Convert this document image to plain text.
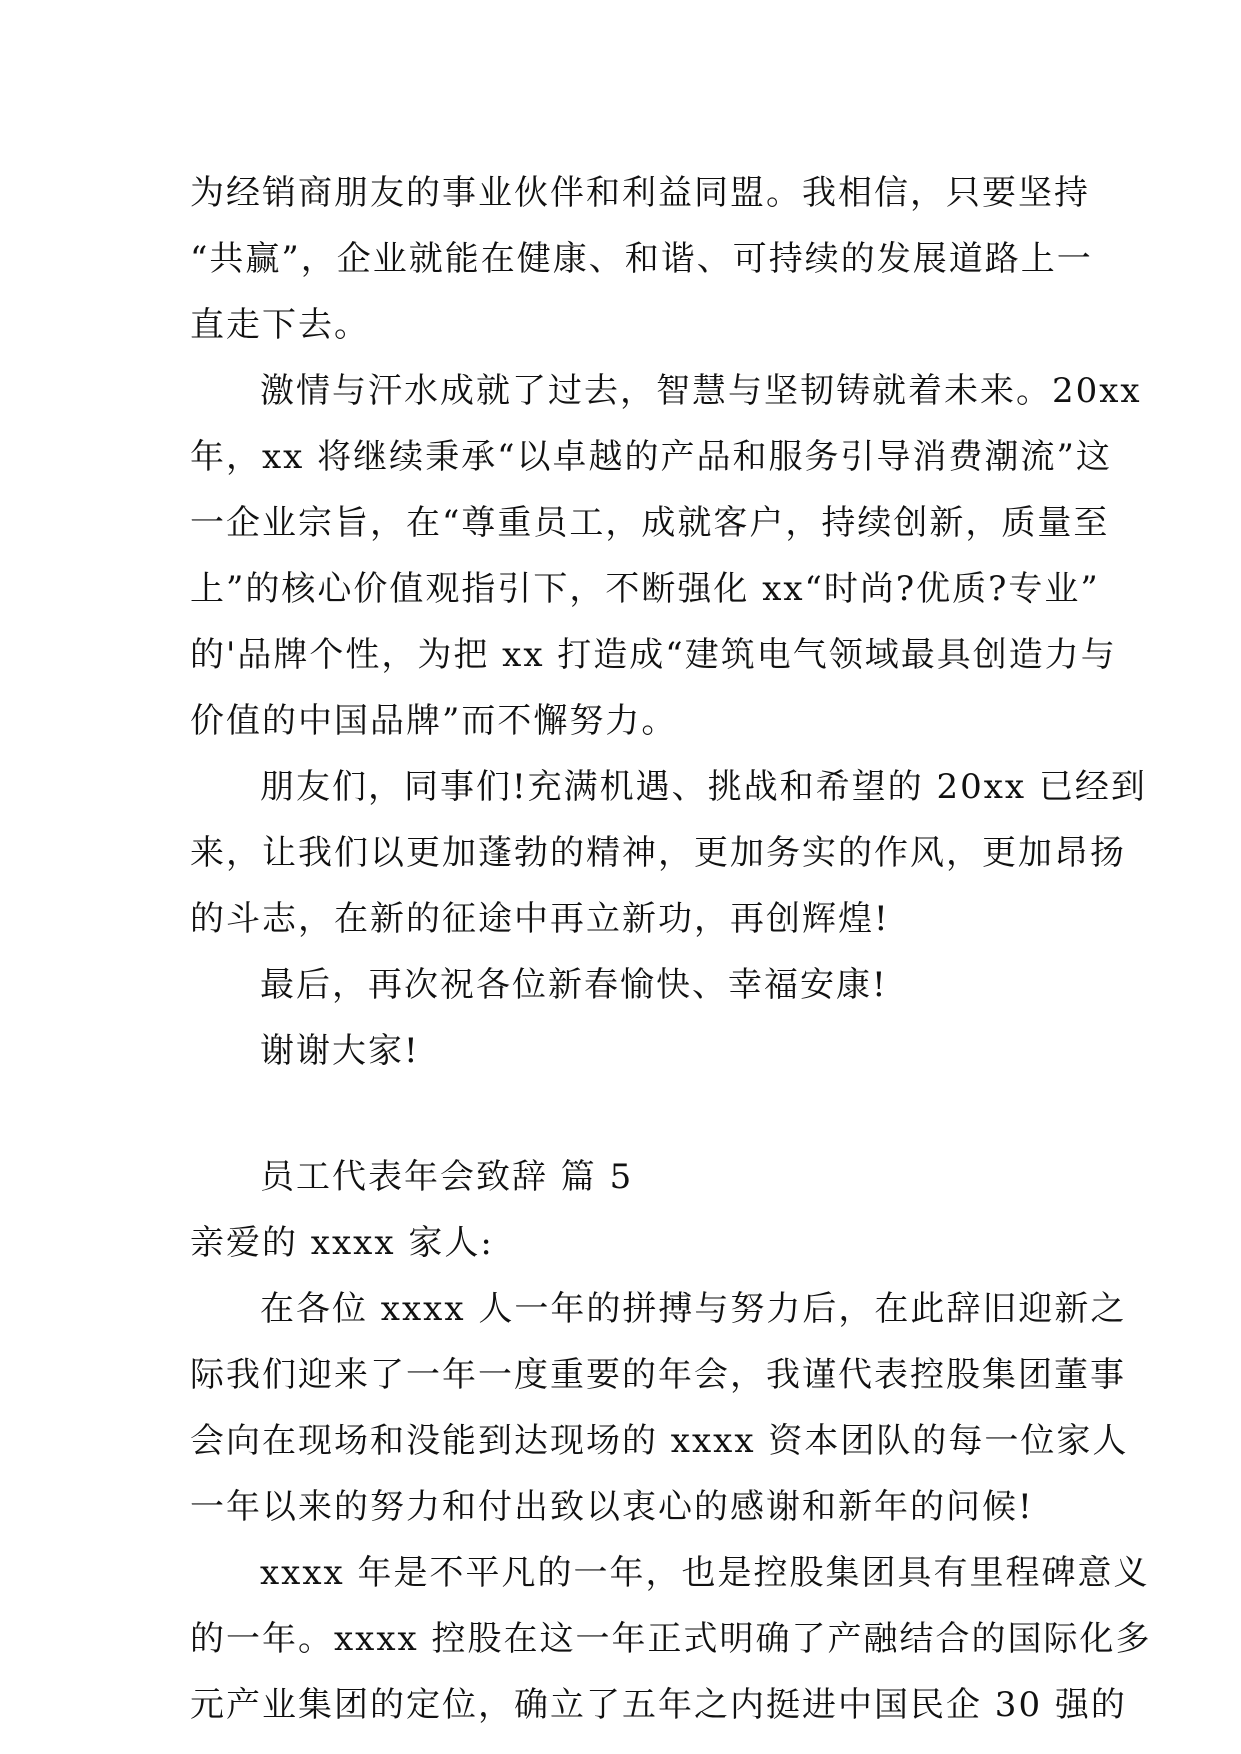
为经销商朋友的事业伙伴和利益同盟。我相信，只要坚持
“共赢”，企业就能在健康、和谐、可持续的发展道路上一
直走下去。
激情与汗水成就了过去，智慧与坚韧铸就着未来。20xx
年，xx 将继续秉承“以卓越的产品和服务引导消费潮流”这
一企业宗旨，在“尊重员工，成就客户，持续创新，质量至
上”的核心价值观指引下，不断强化 xx“时尚?优质?专业”
的'品牌个性，为把 xx 打造成“建筑电气领域最具创造力与
价值的中国品牌”而不懈努力。
朋友们，同事们!充满机遇、挑战和希望的 20xx 已经到
来，让我们以更加蓬勃的精神，更加务实的作风，更加昂扬
的斗志，在新的征途中再立新功，再创辉煌!
最后，再次祝各位新春愉快、幸福安康!
谢谢大家!
员工代表年会致辞 篇 5
亲爱的 xxxx 家人:
在各位 xxxx 人一年的拼搏与努力后，在此辞旧迎新之
际我们迎来了一年一度重要的年会，我谨代表控股集团董事
会向在现场和没能到达现场的 xxxx 资本团队的每一位家人
一年以来的努力和付出致以衷心的感谢和新年的问候!
xxxx 年是不平凡的一年，也是控股集团具有里程碑意义
的一年。xxxx 控股在这一年正式明确了产融结合的国际化多
元产业集团的定位，确立了五年之内挺进中国民企 30 强的
